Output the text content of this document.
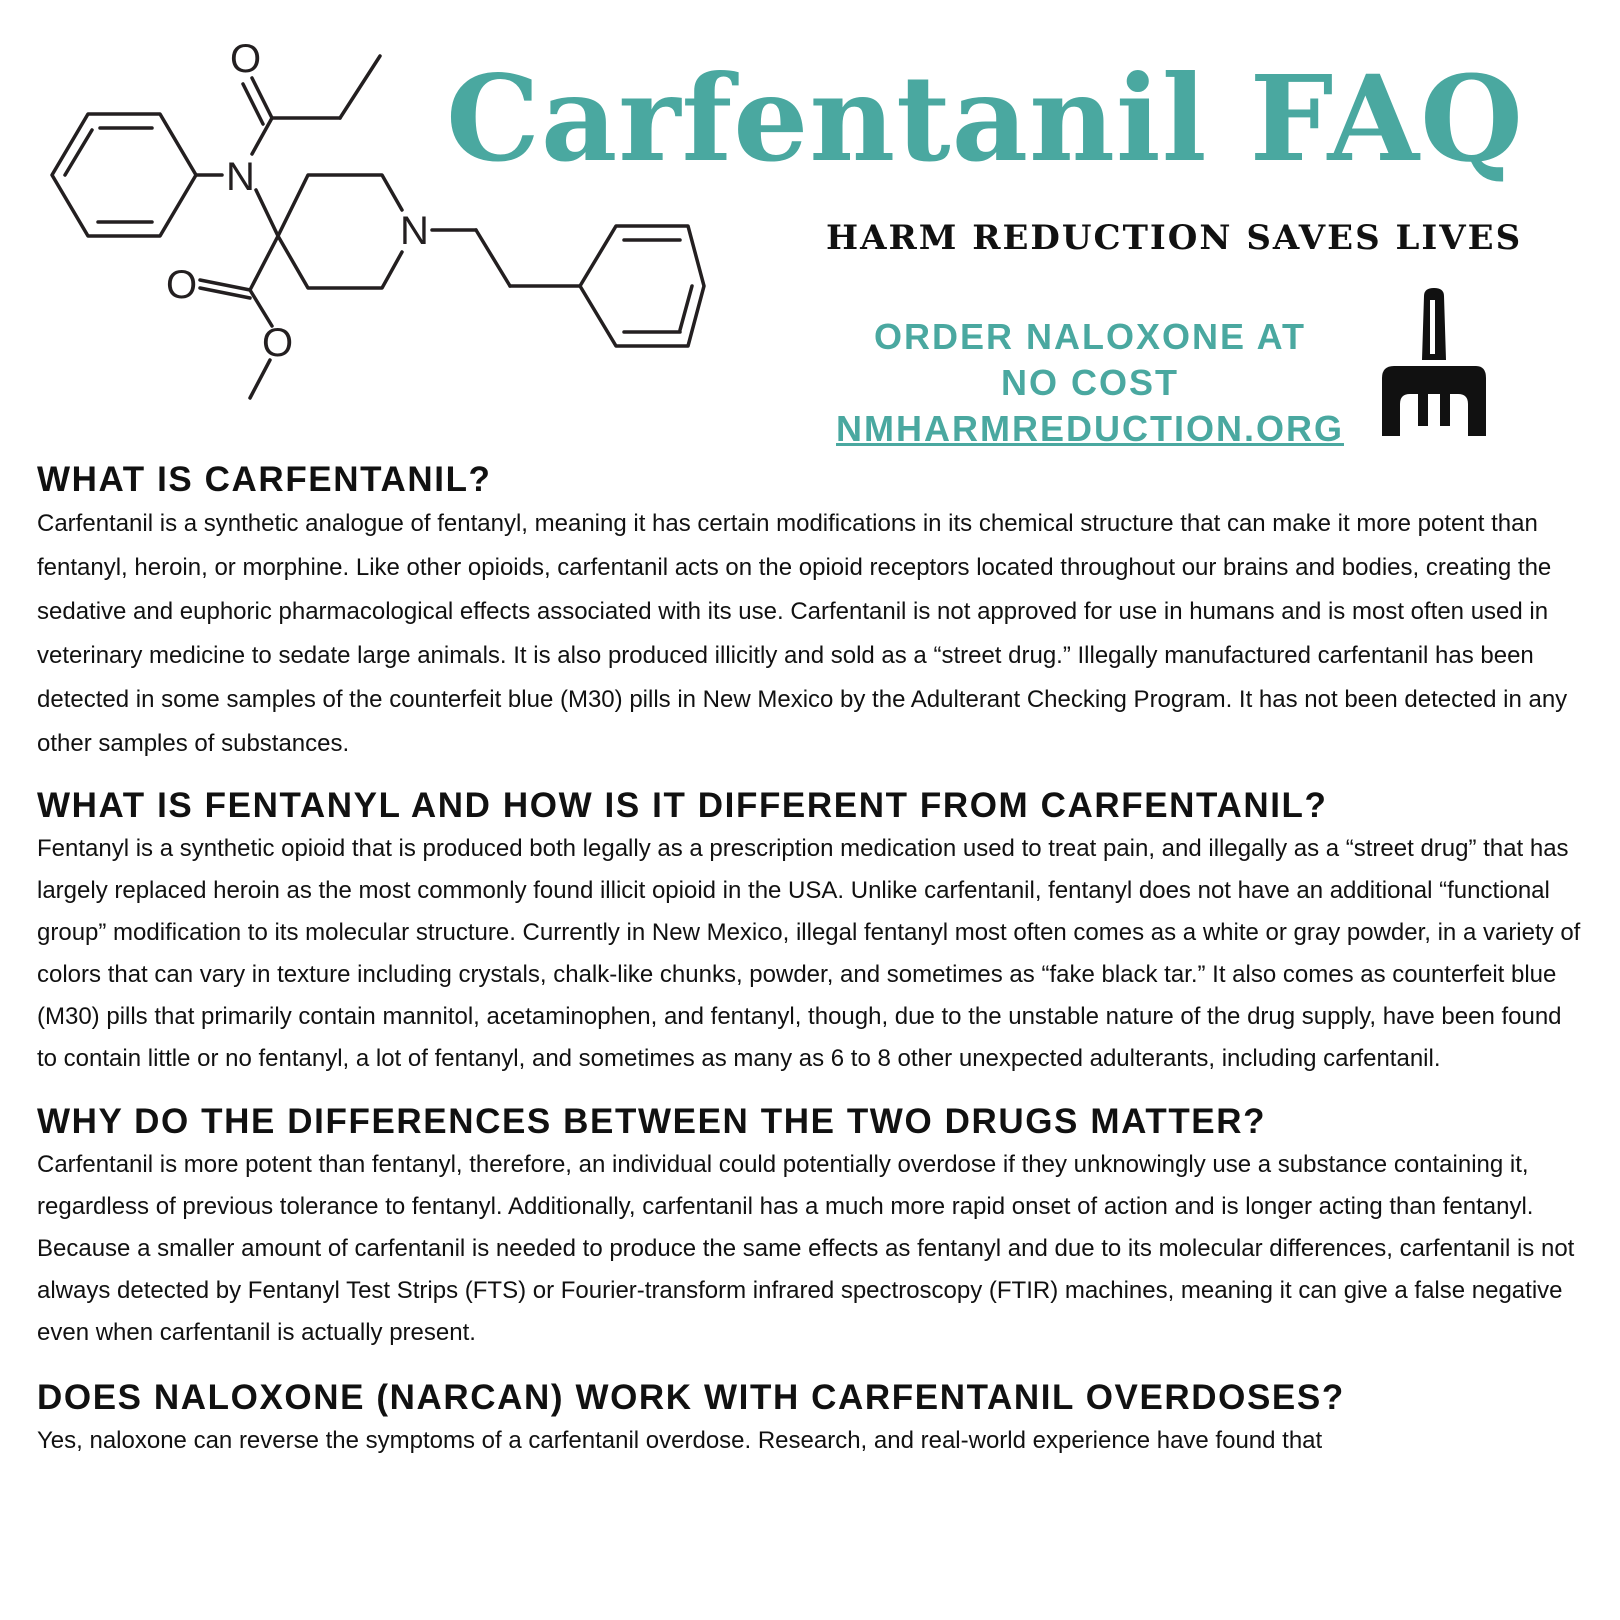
O
N
N
O
O
Carfentanil FAQ
HARM REDUCTION SAVES LIVES
ORDER NALOXONE AT
NO COST
NMHARMREDUCTION.ORG
WHAT IS CARFENTANIL?

Carfentanil is a synthetic analogue of fentanyl, meaning it has certain modifications in its chemical structure that can make it more potent than fentanyl, heroin, or morphine. Like other opioids, carfentanil acts on the opioid receptors located throughout our brains and bodies, creating the sedative and euphoric pharmacological effects associated with its use. Carfentanil is not approved for use in humans and is most often used in veterinary medicine to sedate large animals. It is also produced illicitly and sold as a “street drug.” Illegally manufactured carfentanil has been detected in some samples of the counterfeit blue (M30) pills in New Mexico by the Adulterant Checking Program. It has not been detected in any other samples of substances.

WHAT IS FENTANYL AND HOW IS IT DIFFERENT FROM CARFENTANIL?

Fentanyl is a synthetic opioid that is produced both legally as a prescription medication used to treat pain, and illegally as a “street drug” that has largely replaced heroin as the most commonly found illicit opioid in the USA. Unlike carfentanil, fentanyl does not have an additional “functional group” modification to its molecular structure. Currently in New Mexico, illegal fentanyl most often comes as a white or gray powder, in a variety of colors that can vary in texture including crystals, chalk-like chunks, powder, and sometimes as “fake black tar.” It also comes as counterfeit blue (M30) pills that primarily contain mannitol, acetaminophen, and fentanyl, though, due to the unstable nature of the drug supply, have been found to contain little or no fentanyl, a lot of fentanyl, and sometimes as many as 6 to 8 other unexpected adulterants, including carfentanil.

WHY DO THE DIFFERENCES BETWEEN THE TWO DRUGS MATTER?

Carfentanil is more potent than fentanyl, therefore, an individual could potentially overdose if they unknowingly use a substance containing it, regardless of previous tolerance to fentanyl. Additionally, carfentanil has a much more rapid onset of action and is longer acting than fentanyl. Because a smaller amount of carfentanil is needed to produce the same effects as fentanyl and due to its molecular differences, carfentanil is not always detected by Fentanyl Test Strips (FTS) or Fourier-transform infrared spectroscopy (FTIR) machines, meaning it can give a false negative even when carfentanil is actually present.

DOES NALOXONE (NARCAN) WORK WITH CARFENTANIL OVERDOSES?

Yes, naloxone can reverse the symptoms of a carfentanil overdose. Research, and real-world experience have found that
